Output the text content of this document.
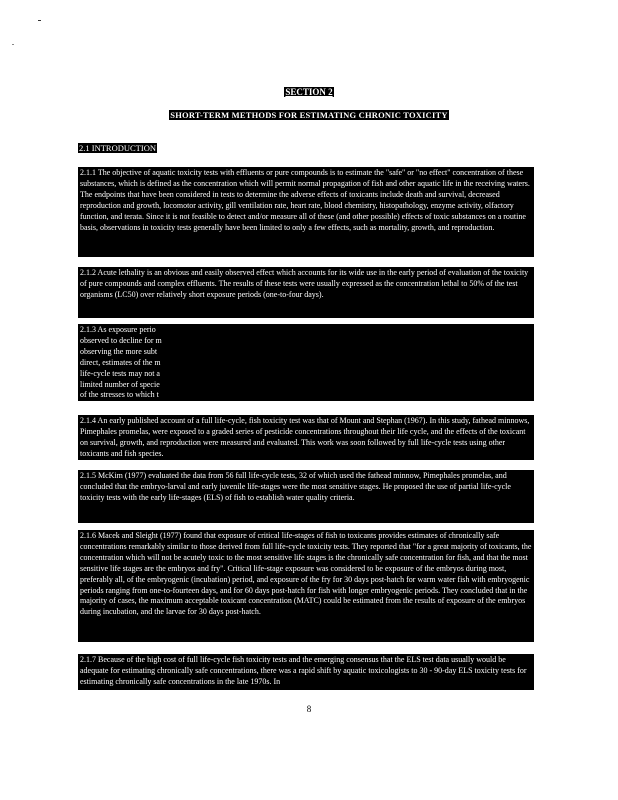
SECTION 2
SHORT-TERM METHODS FOR ESTIMATING CHRONIC TOXICITY
2.1 INTRODUCTION

2.1.1 The objective of aquatic toxicity tests with effluents or pure compounds is to estimate the "safe" or "no effect" concentration of these substances, which is defined as the concentration which will permit normal propagation of fish and other aquatic life in the receiving waters. The endpoints that have been considered in tests to determine the adverse effects of toxicants include death and survival, decreased reproduction and growth, locomotor activity, gill ventilation rate, heart rate, blood chemistry, histopathology, enzyme activity, olfactory function, and terata. Since it is not feasible to detect and/or measure all of these (and other possible) effects of toxic substances on a routine basis, observations in toxicity tests generally have been limited to only a few effects, such as mortality, growth, and reproduction.

2.1.2 Acute lethality is an obvious and easily observed effect which accounts for its wide use in the early period of evaluation of the toxicity of pure compounds and complex effluents. The results of these tests were usually expressed as the concentration lethal to 50% of the test organisms (LC50) over relatively short exposure periods (one-to-four days).

2.1.3 As exposure perio
observed to decline for m
observing the more subt
direct, estimates of the m
life-cycle tests may not a
limited number of specie
of the stresses to which t

2.1.4 An early published account of a full life-cycle, fish toxicity test was that of Mount and Stephan (1967). In this study, fathead minnows, Pimephales promelas, were exposed to a graded series of pesticide concentrations throughout their life cycle, and the effects of the toxicant on survival, growth, and reproduction were measured and evaluated. This work was soon followed by full life-cycle tests using other toxicants and fish species.

2.1.5 McKim (1977) evaluated the data from 56 full life-cycle tests, 32 of which used the fathead minnow, Pimephales promelas, and concluded that the embryo-larval and early juvenile life-stages were the most sensitive stages. He proposed the use of partial life-cycle toxicity tests with the early life-stages (ELS) of fish to establish water quality criteria.

2.1.6 Macek and Sleight (1977) found that exposure of critical life-stages of fish to toxicants provides estimates of chronically safe concentrations remarkably similar to those derived from full life-cycle toxicity tests. They reported that "for a great majority of toxicants, the concentration which will not be acutely toxic to the most sensitive life stages is the chronically safe concentration for fish, and that the most sensitive life stages are the embryos and fry". Critical life-stage exposure was considered to be exposure of the embryos during most, preferably all, of the embryogenic (incubation) period, and exposure of the fry for 30 days post-hatch for warm water fish with embryogenic periods ranging from one-to-fourteen days, and for 60 days post-hatch for fish with longer embryogenic periods. They concluded that in the majority of cases, the maximum acceptable toxicant concentration (MATC) could be estimated from the results of exposure of the embryos during incubation, and the larvae for 30 days post-hatch.

2.1.7 Because of the high cost of full life-cycle fish toxicity tests and the emerging consensus that the ELS test data usually would be adequate for estimating chronically safe concentrations, there was a rapid shift by aquatic toxicologists to 30 - 90-day ELS toxicity tests for estimating chronically safe concentrations in the late 1970s. In

8
